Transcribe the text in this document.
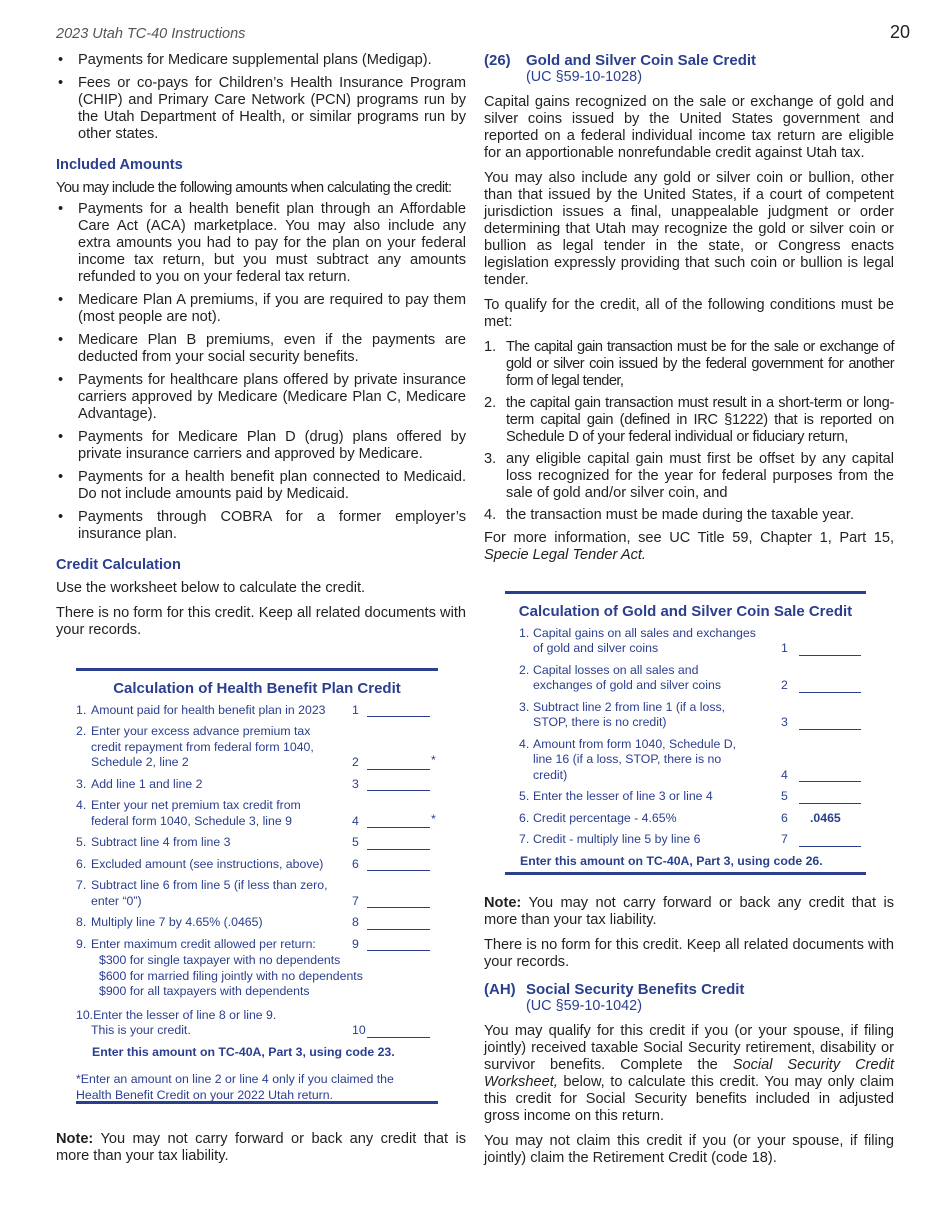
2023 Utah TC-40 Instructions	20
• Payments for Medicare supplemental plans (Medigap).
• Fees or co-pays for Children’s Health Insurance Program (CHIP) and Primary Care Network (PCN) programs run by the Utah Department of Health, or similar programs run by other states.
Included Amounts

You may include the following amounts when calculating the credit:

• Payments for a health benefit plan through an Affordable Care Act (ACA) marketplace. You may also include any extra amounts you had to pay for the plan on your federal income tax return, but you must subtract any amounts refunded to you on your federal tax return.
• Medicare Plan A premiums, if you are required to pay them (most people are not).
• Medicare Plan B premiums, even if the payments are deducted from your social security benefits.
• Payments for healthcare plans offered by private insurance carriers approved by Medicare (Medicare Plan C, Medicare Advantage).
• Payments for Medicare Plan D (drug) plans offered by private insurance carriers and approved by Medicare.
• Payments for a health benefit plan connected to Medicaid. Do not include amounts paid by Medicaid.
• Payments through COBRA for a former employer’s insurance plan.
Credit Calculation

Use the worksheet below to calculate the credit.

There is no form for this credit. Keep all related documents with your records.

Calculation of Health Benefit Plan Credit
1. Amount paid for health benefit plan in 2023 1
2. Enter your excess advance premium tax credit repayment from federal form 1040, Schedule 2, line 2	2	*
3. Add line 1 and line 2	3
4. Enter your net premium tax credit from federal form 1040, Schedule 3, line 9	4	*
5. Subtract line 4 from line 3	5
6. Excluded amount (see instructions, above) 6
7. Subtract line 6 from line 5 (if less than zero, enter “0”)	7
8. Multiply line 7 by 4.65% (.0465)	8
9. Enter maximum credit allowed per return:	9
$300 for single taxpayer with no dependents
$600 for married filing jointly with no dependents
$900 for all taxpayers with dependents
10. Enter the lesser of line 8 or line 9.
This is your credit.	10
Enter this amount on TC-40A, Part 3, using code 23.
*Enter an amount on line 2 or line 4 only if you claimed the Health Benefit Credit on your 2022 Utah return.

Note: You may not carry forward or back any credit that is more than your tax liability.

(26)	Gold and Silver Coin Sale Credit
(UC §59-10-1028)

Capital gains recognized on the sale or exchange of gold and silver coins issued by the United States government and reported on a federal individual income tax return are eligible for an apportionable nonrefundable credit against Utah tax.

You may also include any gold or silver coin or bullion, other than that issued by the United States, if a court of competent jurisdiction issues a final, unappealable judgment or order determining that Utah may recognize the gold or silver coin or bullion as legal tender in the state, or Congress enacts legislation expressly providing that such coin or bullion is legal tender.

To qualify for the credit, all of the following conditions must be met:

1. The capital gain transaction must be for the sale or exchange of gold or silver coin issued by the federal government for another form of legal tender,
2. the capital gain transaction must result in a short-term or long-term capital gain (defined in IRC §1222) that is reported on Schedule D of your federal individual or fiduciary return,
3. any eligible capital gain must first be offset by any capital loss recognized for the year for federal purposes from the sale of gold and/or silver coin, and
4. the transaction must be made during the taxable year.

For more information, see UC Title 59, Chapter 1, Part 15, Specie Legal Tender Act.

Calculation of Gold and Silver Coin Sale Credit
1. Capital gains on all sales and exchanges of gold and silver coins	1
2. Capital losses on all sales and exchanges of gold and silver coins	2
3. Subtract line 2 from line 1 (if a loss, STOP, there is no credit)	3
4. Amount from form 1040, Schedule D, line 16 (if a loss, STOP, there is no credit)	4
5. Enter the lesser of line 3 or line 4	5
6. Credit percentage - 4.65%	6 .0465
7. Credit - multiply line 5 by line 6	7
Enter this amount on TC-40A, Part 3, using code 26.

Note: You may not carry forward or back any credit that is more than your tax liability.

There is no form for this credit. Keep all related documents with your records.

(AH) Social Security Benefits Credit
(UC §59-10-1042)

You may qualify for this credit if you (or your spouse, if filing jointly) received taxable Social Security retirement, disability or survivor benefits. Complete the Social Security Credit Worksheet, below, to calculate this credit. You may only claim this credit for Social Security benefits included in adjusted gross income on this return.

You may not claim this credit if you (or your spouse, if filing jointly) claim the Retirement Credit (code 18).
